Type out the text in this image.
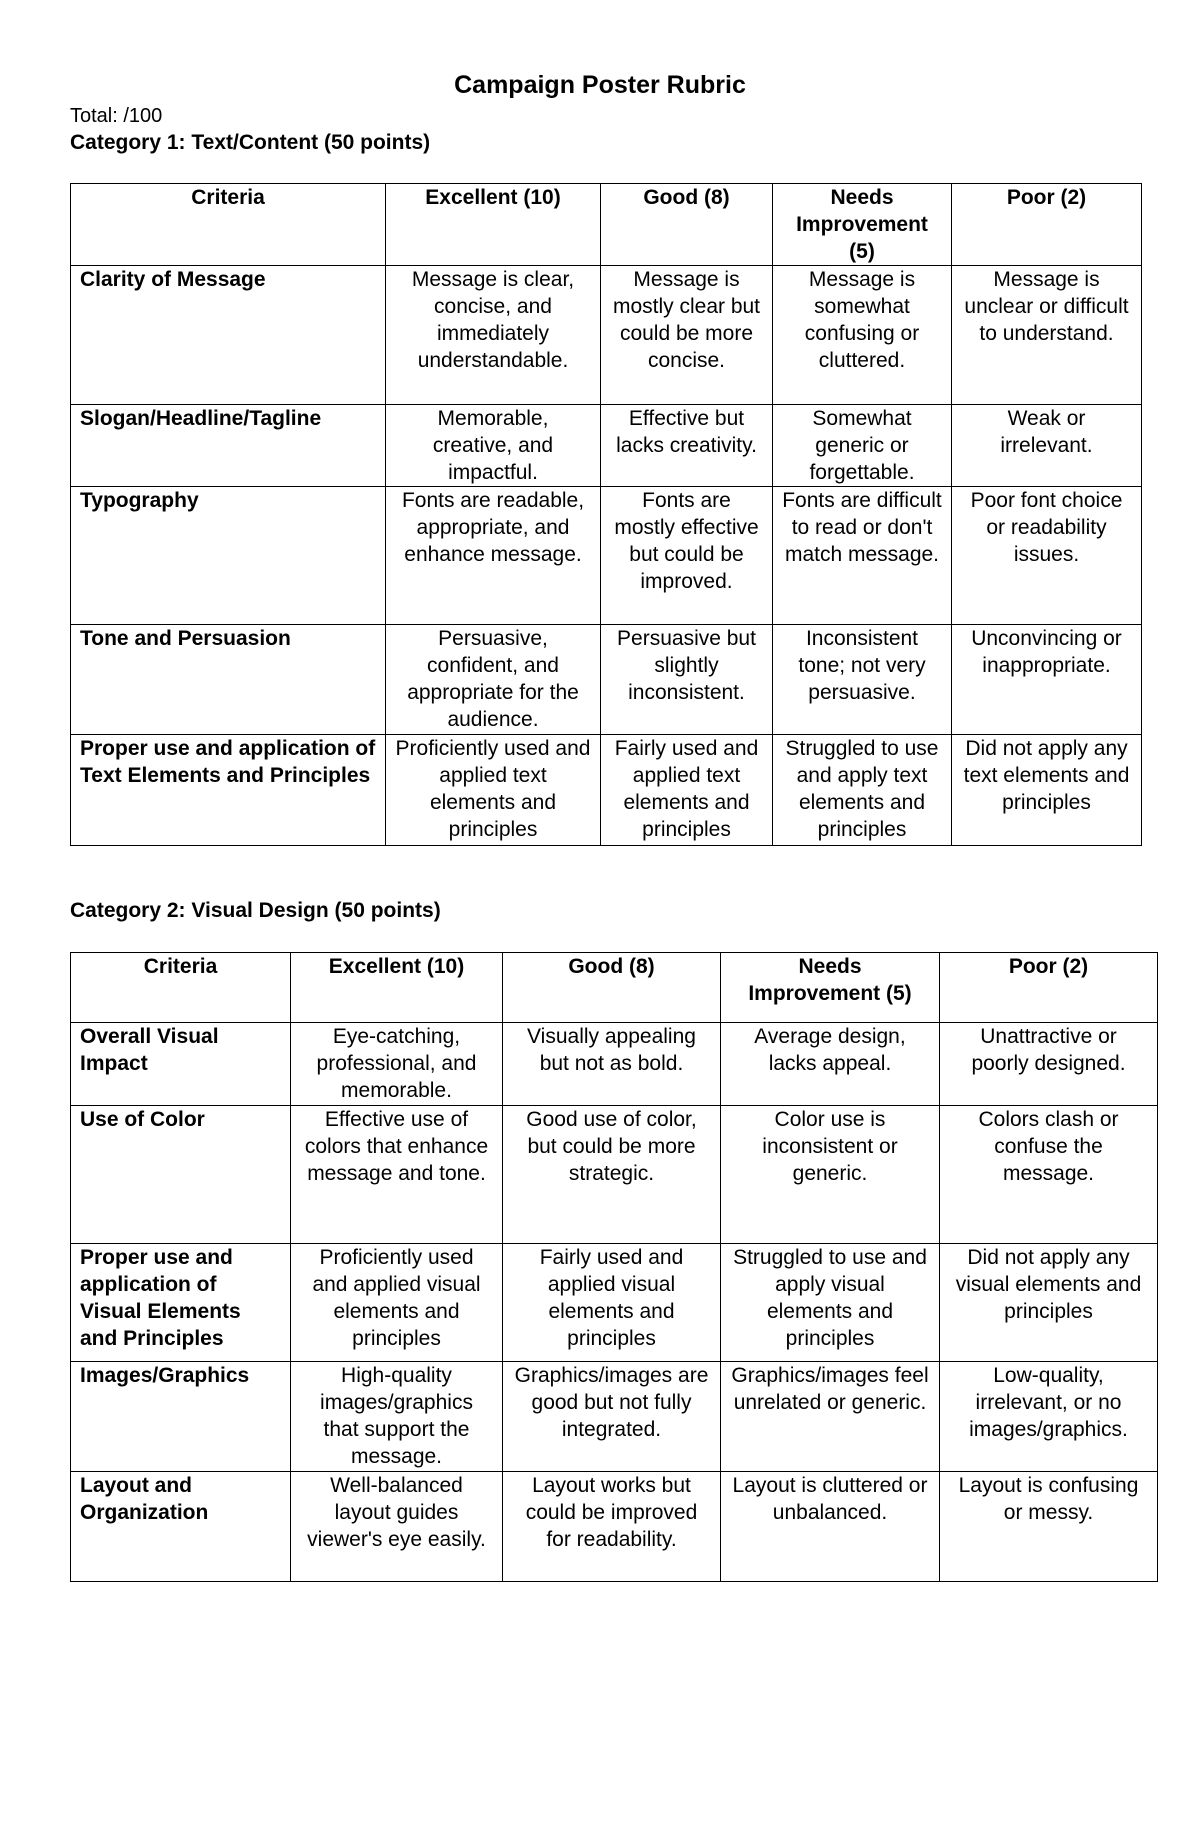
Campaign Poster Rubric
Total: /100
Category 1: Text/Content (50 points)
Criteria	Excellent (10)	Good (8)	Needs Improvement (5)	Poor (2)
Clarity of Message	Message is clear, concise, and immediately understandable.	Message is mostly clear but could be more concise.	Message is somewhat confusing or cluttered.	Message is unclear or difficult to understand.
Slogan/Headline/Tagline	Memorable, creative, and impactful.	Effective but lacks creativity.	Somewhat generic or forgettable.	Weak or irrelevant.
Typography	Fonts are readable, appropriate, and enhance message.	Fonts are mostly effective but could be improved.	Fonts are difficult to read or don't match message.	Poor font choice or readability issues.
Tone and Persuasion	Persuasive, confident, and appropriate for the audience.	Persuasive but slightly inconsistent.	Inconsistent tone; not very persuasive.	Unconvincing or inappropriate.
Proper use and application of Text Elements and Principles	Proficiently used and applied text elements and principles	Fairly used and applied text elements and principles	Struggled to use and apply text elements and principles	Did not apply any text elements and principles
Category 2: Visual Design (50 points)
Criteria	Excellent (10)	Good (8)	Needs Improvement (5)	Poor (2)
Overall Visual Impact	Eye-catching, professional, and memorable.	Visually appealing but not as bold.	Average design, lacks appeal.	Unattractive or poorly designed.
Use of Color	Effective use of colors that enhance message and tone.	Good use of color, but could be more strategic.	Color use is inconsistent or generic.	Colors clash or confuse the message.
Proper use and application of Visual Elements and Principles	Proficiently used and applied visual elements and principles	Fairly used and applied visual elements and principles	Struggled to use and apply visual elements and principles	Did not apply any visual elements and principles
Images/Graphics	High-quality images/graphics that support the message.	Graphics/images are good but not fully integrated.	Graphics/images feel unrelated or generic.	Low-quality, irrelevant, or no images/graphics.
Layout and Organization	Well-balanced layout guides viewer's eye easily.	Layout works but could be improved for readability.	Layout is cluttered or unbalanced.	Layout is confusing or messy.
